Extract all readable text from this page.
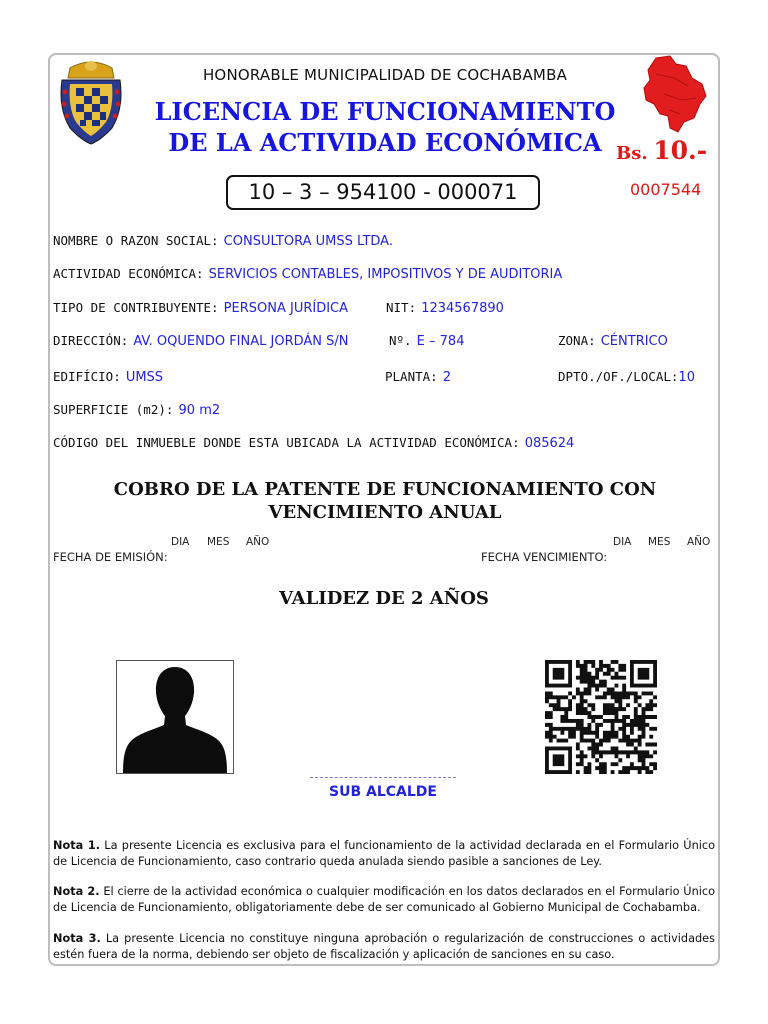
HONORABLE MUNICIPALIDAD DE COCHABAMBA
LICENCIA DE FUNCIONAMIENTO
DE LA ACTIVIDAD ECONÓMICA Bs. 10.-
10 – 3 – 954100 - 000071	0007544
NOMBRE O RAZON SOCIAL: CONSULTORA UMSS LTDA.
ACTIVIDAD ECONÓMICA: SERVICIOS CONTABLES, IMPOSITIVOS Y DE AUDITORIA
TIPO DE CONTRIBUYENTE: PERSONA JURÍDICA	NIT: 1234567890
DIRECCIÓN: AV. OQUENDO FINAL JORDÁN S/N	Nº. E – 784	ZONA: CÉNTRICO
EDIFÍCIO: UMSS	PLANTA: 2	DPTO./OF./LOCAL:10
SUPERFICIE (m2): 90 m2
CÓDIGO DEL INMUEBLE DONDE ESTA UBICADA LA ACTIVIDAD ECONÓMICA: 085624
COBRO DE LA PATENTE DE FUNCIONAMIENTO CON
VENCIMIENTO ANUAL
DIA MES AÑO
FECHA DE EMISIÓN:
DIA MES AÑO
FECHA VENCIMIENTO:
VALIDEZ DE 2 AÑOS
SUB ALCALDE
Nota 1. La presente Licencia es exclusiva para el funcionamiento de la actividad declarada en el Formulario Único de Licencia de Funcionamiento, caso contrario queda anulada siendo pasible a sanciones de Ley.
Nota 2. El cierre de la actividad económica o cualquier modificación en los datos declarados en el Formulario Único de Licencia de Funcionamiento, obligatoriamente debe de ser comunicado al Gobierno Municipal de Cochabamba.
Nota 3. La presente Licencia no constituye ninguna aprobación o regularización de construcciones o actividades estén fuera de la norma, debiendo ser objeto de fiscalización y aplicación de sanciones en su caso.
